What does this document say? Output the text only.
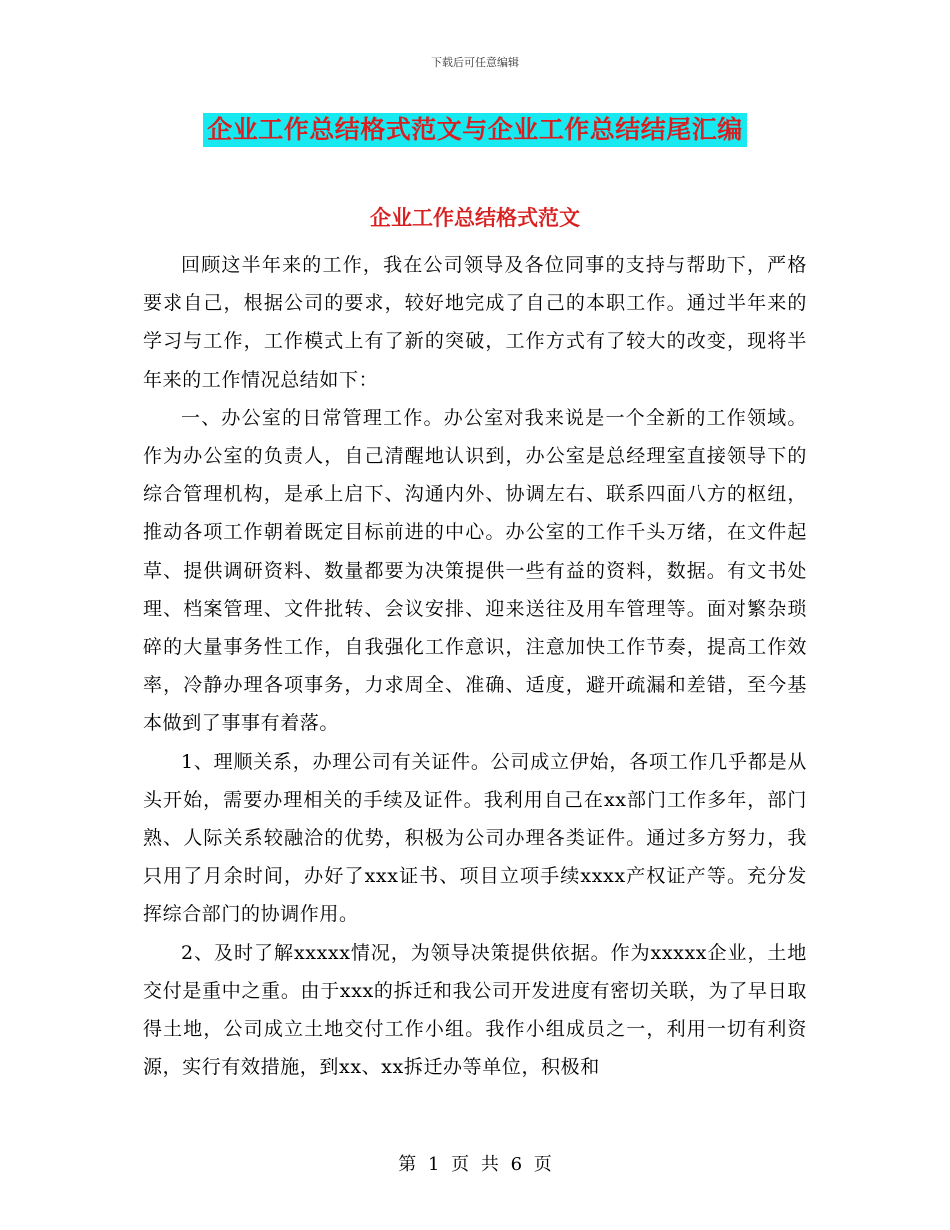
下载后可任意编辑
企业工作总结格式范文与企业工作总结结尾汇编
企业工作总结格式范文

回顾这半年来的工作，我在公司领导及各位同事的支持与帮助下，严格要求自己，根据公司的要求，较好地完成了自己的本职工作。通过半年来的学习与工作，工作模式上有了新的突破，工作方式有了较大的改变，现将半年来的工作情况总结如下：

一、办公室的日常管理工作。办公室对我来说是一个全新的工作领域。作为办公室的负责人，自己清醒地认识到，办公室是总经理室直接领导下的综合管理机构，是承上启下、沟通内外、协调左右、联系四面八方的枢纽，推动各项工作朝着既定目标前进的中心。办公室的工作千头万绪，在文件起草、提供调研资料、数量都要为决策提供一些有益的资料，数据。有文书处理、档案管理、文件批转、会议安排、迎来送往及用车管理等。面对繁杂琐碎的大量事务性工作，自我强化工作意识，注意加快工作节奏，提高工作效率，冷静办理各项事务，力求周全、准确、适度，避开疏漏和差错，至今基本做到了事事有着落。

1、理顺关系，办理公司有关证件。公司成立伊始，各项工作几乎都是从头开始，需要办理相关的手续及证件。我利用自己在xx部门工作多年，部门熟、人际关系较融洽的优势，积极为公司办理各类证件。通过多方努力，我只用了月余时间，办好了xxx证书、项目立项手续xxxx产权证产等。充分发挥综合部门的协调作用。

2、及时了解xxxxx情况，为领导决策提供依据。作为xxxxx企业，土地交付是重中之重。由于xxx的拆迁和我公司开发进度有密切关联，为了早日取得土地，公司成立土地交付工作小组。我作小组成员之一，利用一切有利资源，实行有效措施，到xx、xx拆迁办等单位，积极和

第 1 页 共 6 页
